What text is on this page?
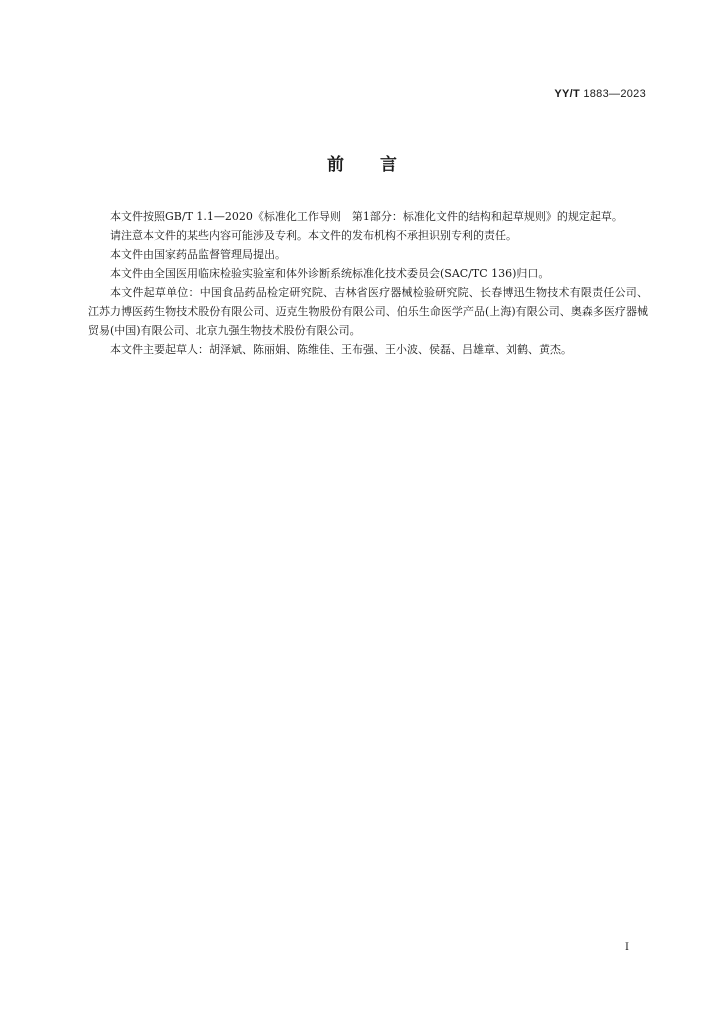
YY/T 1883—2023
前言

本文件按照GB/T 1.1—2020《标准化工作导则　第1部分：标准化文件的结构和起草规则》的规定起草。

请注意本文件的某些内容可能涉及专利。本文件的发布机构不承担识别专利的责任。

本文件由国家药品监督管理局提出。

本文件由全国医用临床检验实验室和体外诊断系统标准化技术委员会(SAC/TC 136)归口。

本文件起草单位：中国食品药品检定研究院、吉林省医疗器械检验研究院、长春博迅生物技术有限责任公司、江苏力博医药生物技术股份有限公司、迈克生物股份有限公司、伯乐生命医学产品(上海)有限公司、奥森多医疗器械贸易(中国)有限公司、北京九强生物技术股份有限公司。

本文件主要起草人：胡泽斌、陈丽娟、陈维佳、王布强、王小波、侯磊、吕雄章、刘鹤、黄杰。

I
